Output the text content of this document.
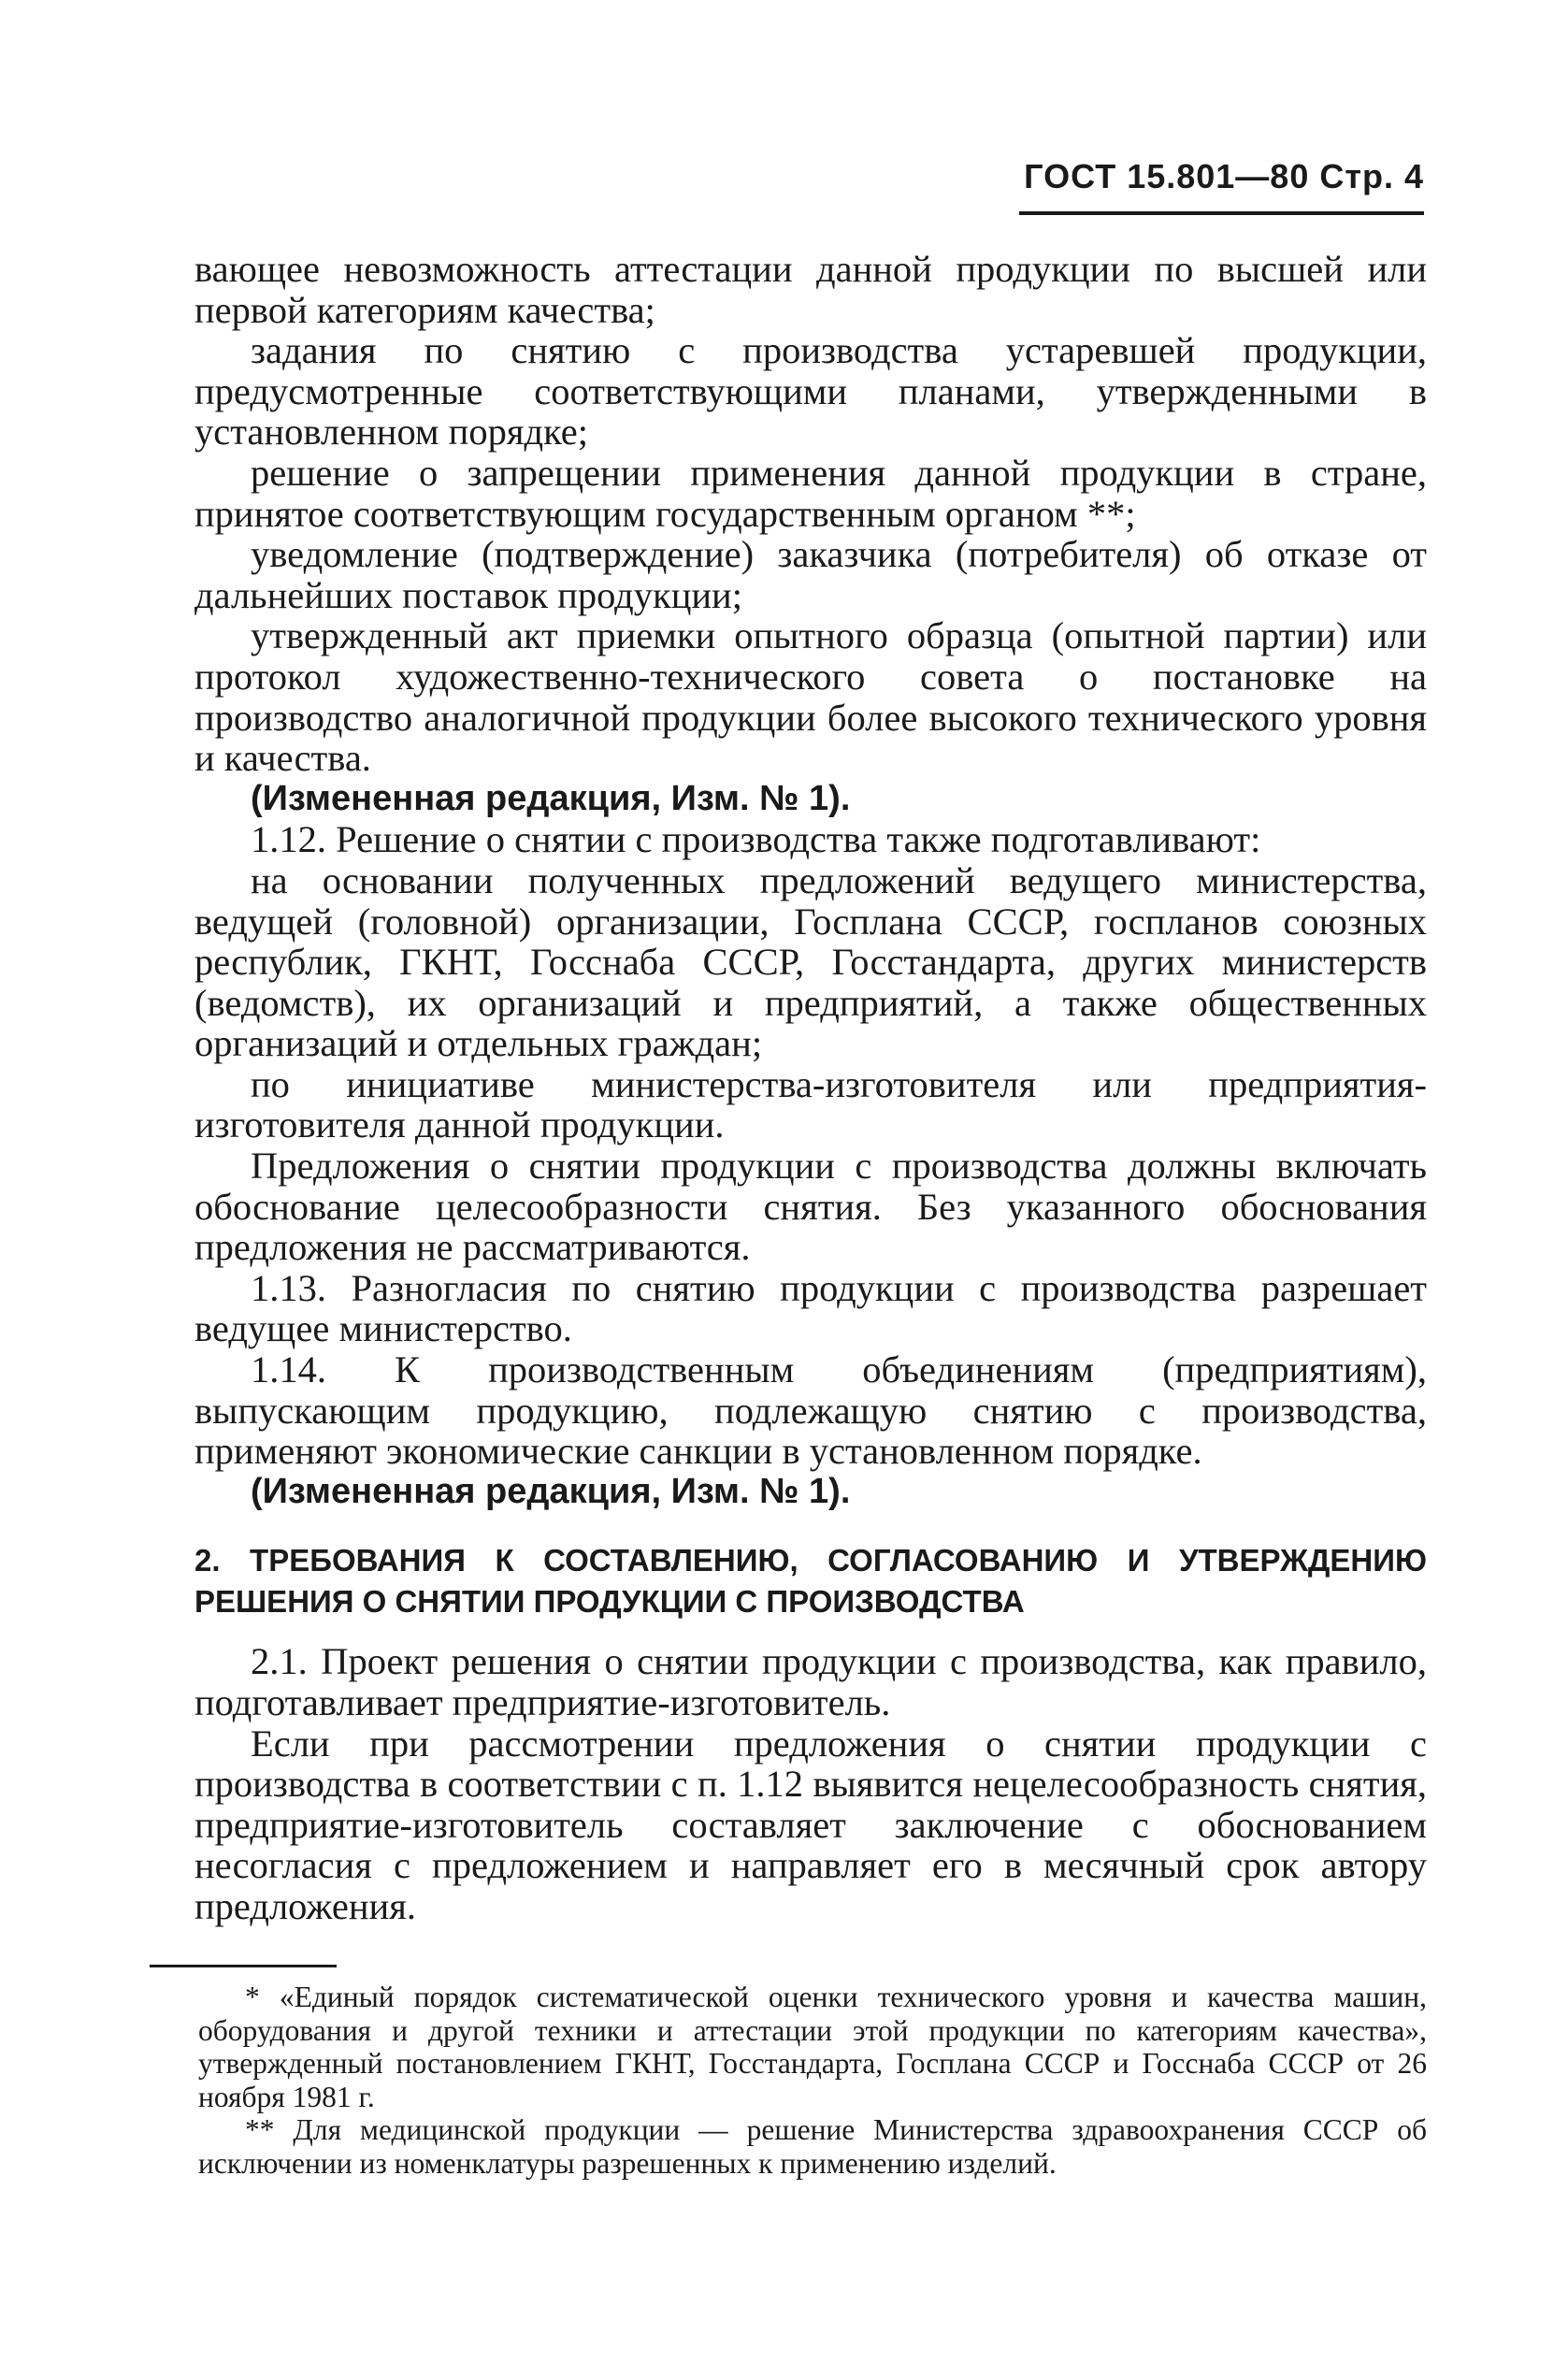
ГОСТ 15.801—80 Стр. 4

вающее невозможность аттестации данной продукции по высшей или первой категориям качества;

задания по снятию с производства устаревшей продукции, предусмотренные соответствующими планами, утвержденными в установленном порядке;

решение о запрещении применения данной продукции в стране, принятое соответствующим государственным органом **;

уведомление (подтверждение) заказчика (потребителя) об отказе от дальнейших поставок продукции;

утвержденный акт приемки опытного образца (опытной партии) или протокол художественно-технического совета о постановке на производство аналогичной продукции более высокого технического уровня и качества.

(Измененная редакция, Изм. № 1).

1.12. Решение о снятии с производства также подготавливают:

на основании полученных предложений ведущего министерства, ведущей (головной) организации, Госплана СССР, госпланов союзных республик, ГКНТ, Госснаба СССР, Госстандарта, других министерств (ведомств), их организаций и предприятий, а также общественных организаций и отдельных граждан;

по инициативе министерства-изготовителя или предприятия-изготовителя данной продукции.

Предложения о снятии продукции с производства должны включать обоснование целесообразности снятия. Без указанного обоснования предложения не рассматриваются.

1.13. Разногласия по снятию продукции с производства разрешает ведущее министерство.

1.14. К производственным объединениям (предприятиям), выпускающим продукцию, подлежащую снятию с производства, применяют экономические санкции в установленном порядке.

(Измененная редакция, Изм. № 1).

2. ТРЕБОВАНИЯ К СОСТАВЛЕНИЮ, СОГЛАСОВАНИЮ И УТВЕРЖДЕНИЮ РЕШЕНИЯ О СНЯТИИ ПРОДУКЦИИ С ПРОИЗВОДСТВА

2.1. Проект решения о снятии продукции с производства, как правило, подготавливает предприятие-изготовитель.

Если при рассмотрении предложения о снятии продукции с производства в соответствии с п. 1.12 выявится нецелесообразность снятия, предприятие-изготовитель составляет заключение с обоснованием несогласия с предложением и направляет его в месячный срок автору предложения.

* «Единый порядок систематической оценки технического уровня и качества машин, оборудования и другой техники и аттестации этой продукции по категориям качества», утвержденный постановлением ГКНТ, Госстандарта, Госплана СССР и Госснаба СССР от 26 ноября 1981 г.

** Для медицинской продукции — решение Министерства здравоохранения СССР об исключении из номенклатуры разрешенных к применению изделий.
